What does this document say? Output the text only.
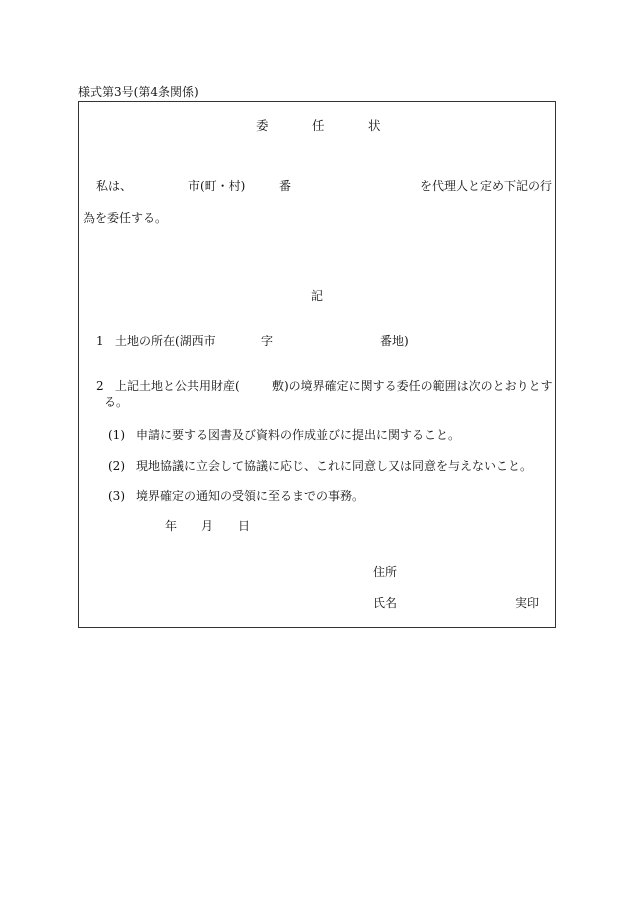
様式第3号(第4条関係)
委	任	状
私は、	市(町・村)	番	を代理人と定め下記の行
為を委任する。
記
1 土地の所在(湖西市	字	番地)
2 上記土地と公共用財産(	敷)の境界確定に関する委任の範囲は次のとおりとす
る。
(1) 申請に要する図書及び資料の作成並びに提出に関すること。
(2) 現地協議に立会して協議に応じ、これに同意し又は同意を与えないこと。
(3) 境界確定の通知の受領に至るまでの事務。
年 月 日
住所
氏名	実印
